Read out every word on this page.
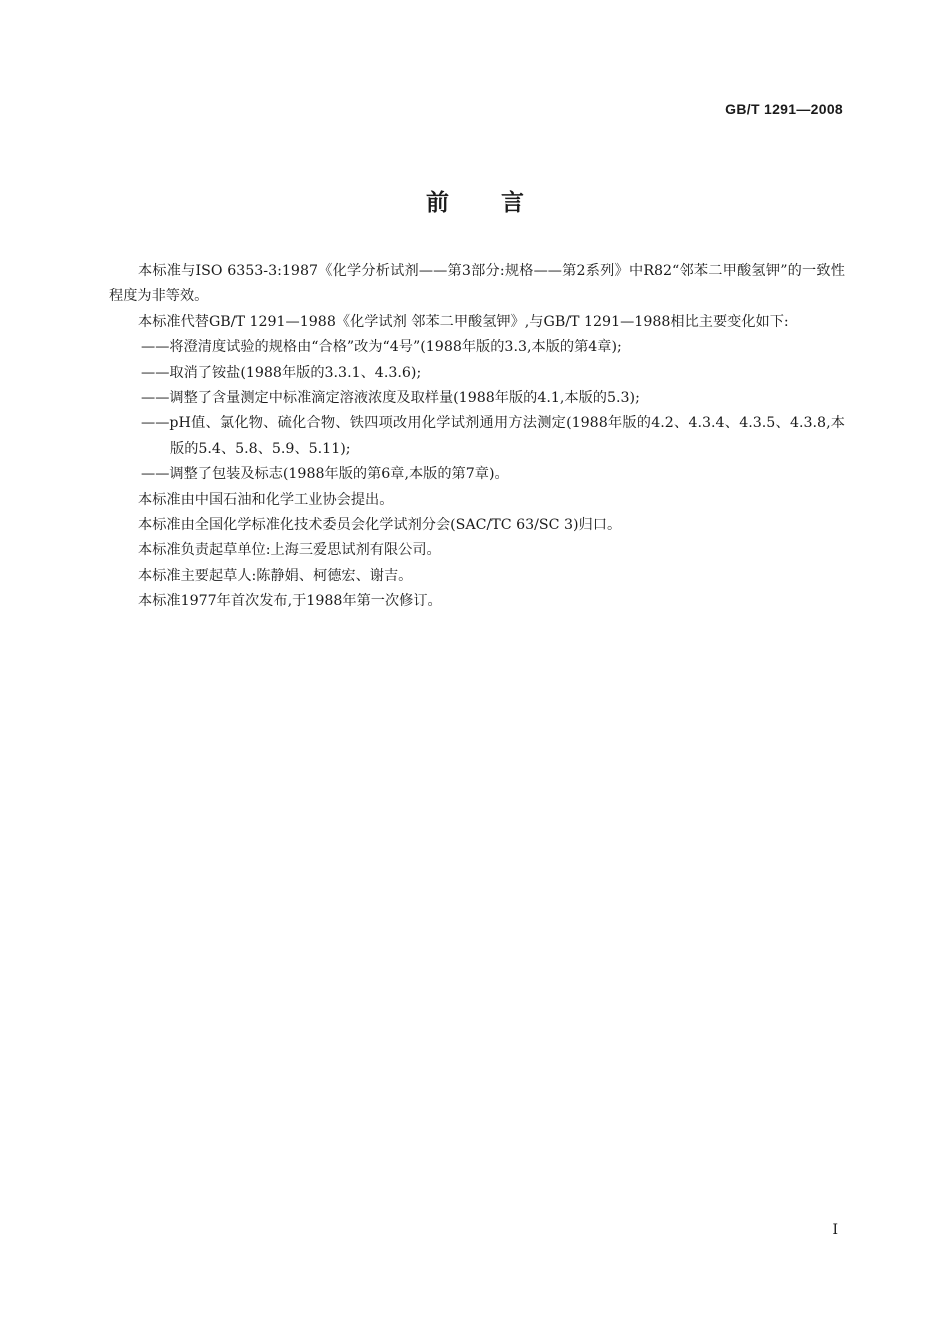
GB/T 1291—2008
前言

本标准与ISO 6353-3:1987《化学分析试剂——第3部分:规格——第2系列》中R82“邻苯二甲酸氢钾”的一致性程度为非等效。

本标准代替GB/T 1291—1988《化学试剂 邻苯二甲酸氢钾》,与GB/T 1291—1988相比主要变化如下:

——将澄清度试验的规格由“合格”改为“4号”(1988年版的3.3,本版的第4章);

——取消了铵盐(1988年版的3.3.1、4.3.6);

——调整了含量测定中标准滴定溶液浓度及取样量(1988年版的4.1,本版的5.3);

——pH值、氯化物、硫化合物、铁四项改用化学试剂通用方法测定(1988年版的4.2、4.3.4、4.3.5、4.3.8,本版的5.4、5.8、5.9、5.11);

——调整了包装及标志(1988年版的第6章,本版的第7章)。

本标准由中国石油和化学工业协会提出。

本标准由全国化学标准化技术委员会化学试剂分会(SAC/TC 63/SC 3)归口。

本标准负责起草单位:上海三爱思试剂有限公司。

本标准主要起草人:陈静娟、柯德宏、谢吉。

本标准1977年首次发布,于1988年第一次修订。

I
